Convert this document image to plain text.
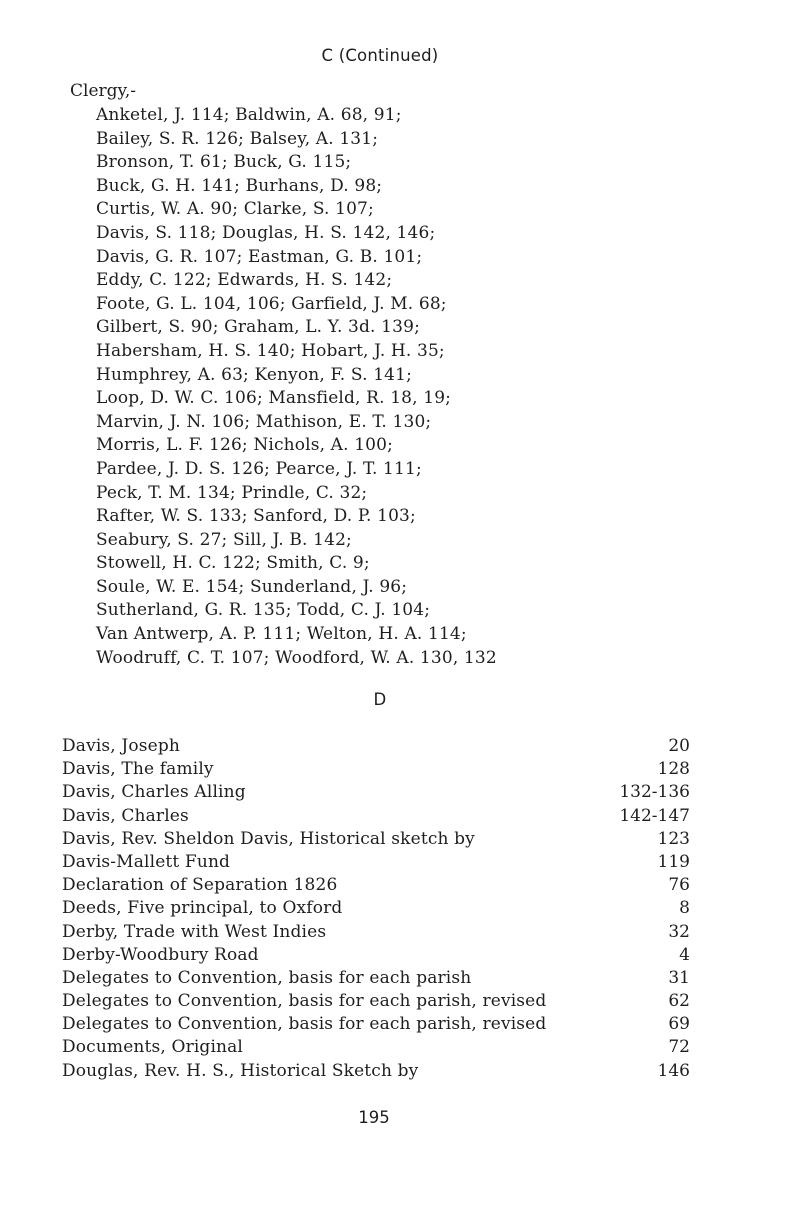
C (Continued)
Clergy,-
Anketel, J. 114; Baldwin, A. 68, 91;
Bailey, S. R. 126; Balsey, A. 131;
Bronson, T. 61; Buck, G. 115;
Buck, G. H. 141; Burhans, D. 98;
Curtis, W. A. 90; Clarke, S. 107;
Davis, S. 118; Douglas, H. S. 142, 146;
Davis, G. R. 107; Eastman, G. B. 101;
Eddy, C. 122; Edwards, H. S. 142;
Foote, G. L. 104, 106; Garfield, J. M. 68;
Gilbert, S. 90; Graham, L. Y. 3d. 139;
Habersham, H. S. 140; Hobart, J. H. 35;
Humphrey, A. 63; Kenyon, F. S. 141;
Loop, D. W. C. 106; Mansfield, R. 18, 19;
Marvin, J. N. 106; Mathison, E. T. 130;
Morris, L. F. 126; Nichols, A. 100;
Pardee, J. D. S. 126; Pearce, J. T. 111;
Peck, T. M. 134; Prindle, C. 32;
Rafter, W. S. 133; Sanford, D. P. 103;
Seabury, S. 27; Sill, J. B. 142;
Stowell, H. C. 122; Smith, C. 9;
Soule, W. E. 154; Sunderland, J. 96;
Sutherland, G. R. 135; Todd, C. J. 104;
Van Antwerp, A. P. 111; Welton, H. A. 114;
Woodruff, C. T. 107; Woodford, W. A. 130, 132
D
Davis, Joseph	20
Davis, The family	128
Davis, Charles Alling	132-136
Davis, Charles	142-147
Davis, Rev. Sheldon Davis, Historical sketch by	123
Davis-Mallett Fund	119
Declaration of Separation 1826	76
Deeds, Five principal, to Oxford	8
Derby, Trade with West Indies	32
Derby-Woodbury Road	4
Delegates to Convention, basis for each parish	31
Delegates to Convention, basis for each parish, revised	62
Delegates to Convention, basis for each parish, revised	69
Documents, Original	72
Douglas, Rev. H. S., Historical Sketch by	146
195
